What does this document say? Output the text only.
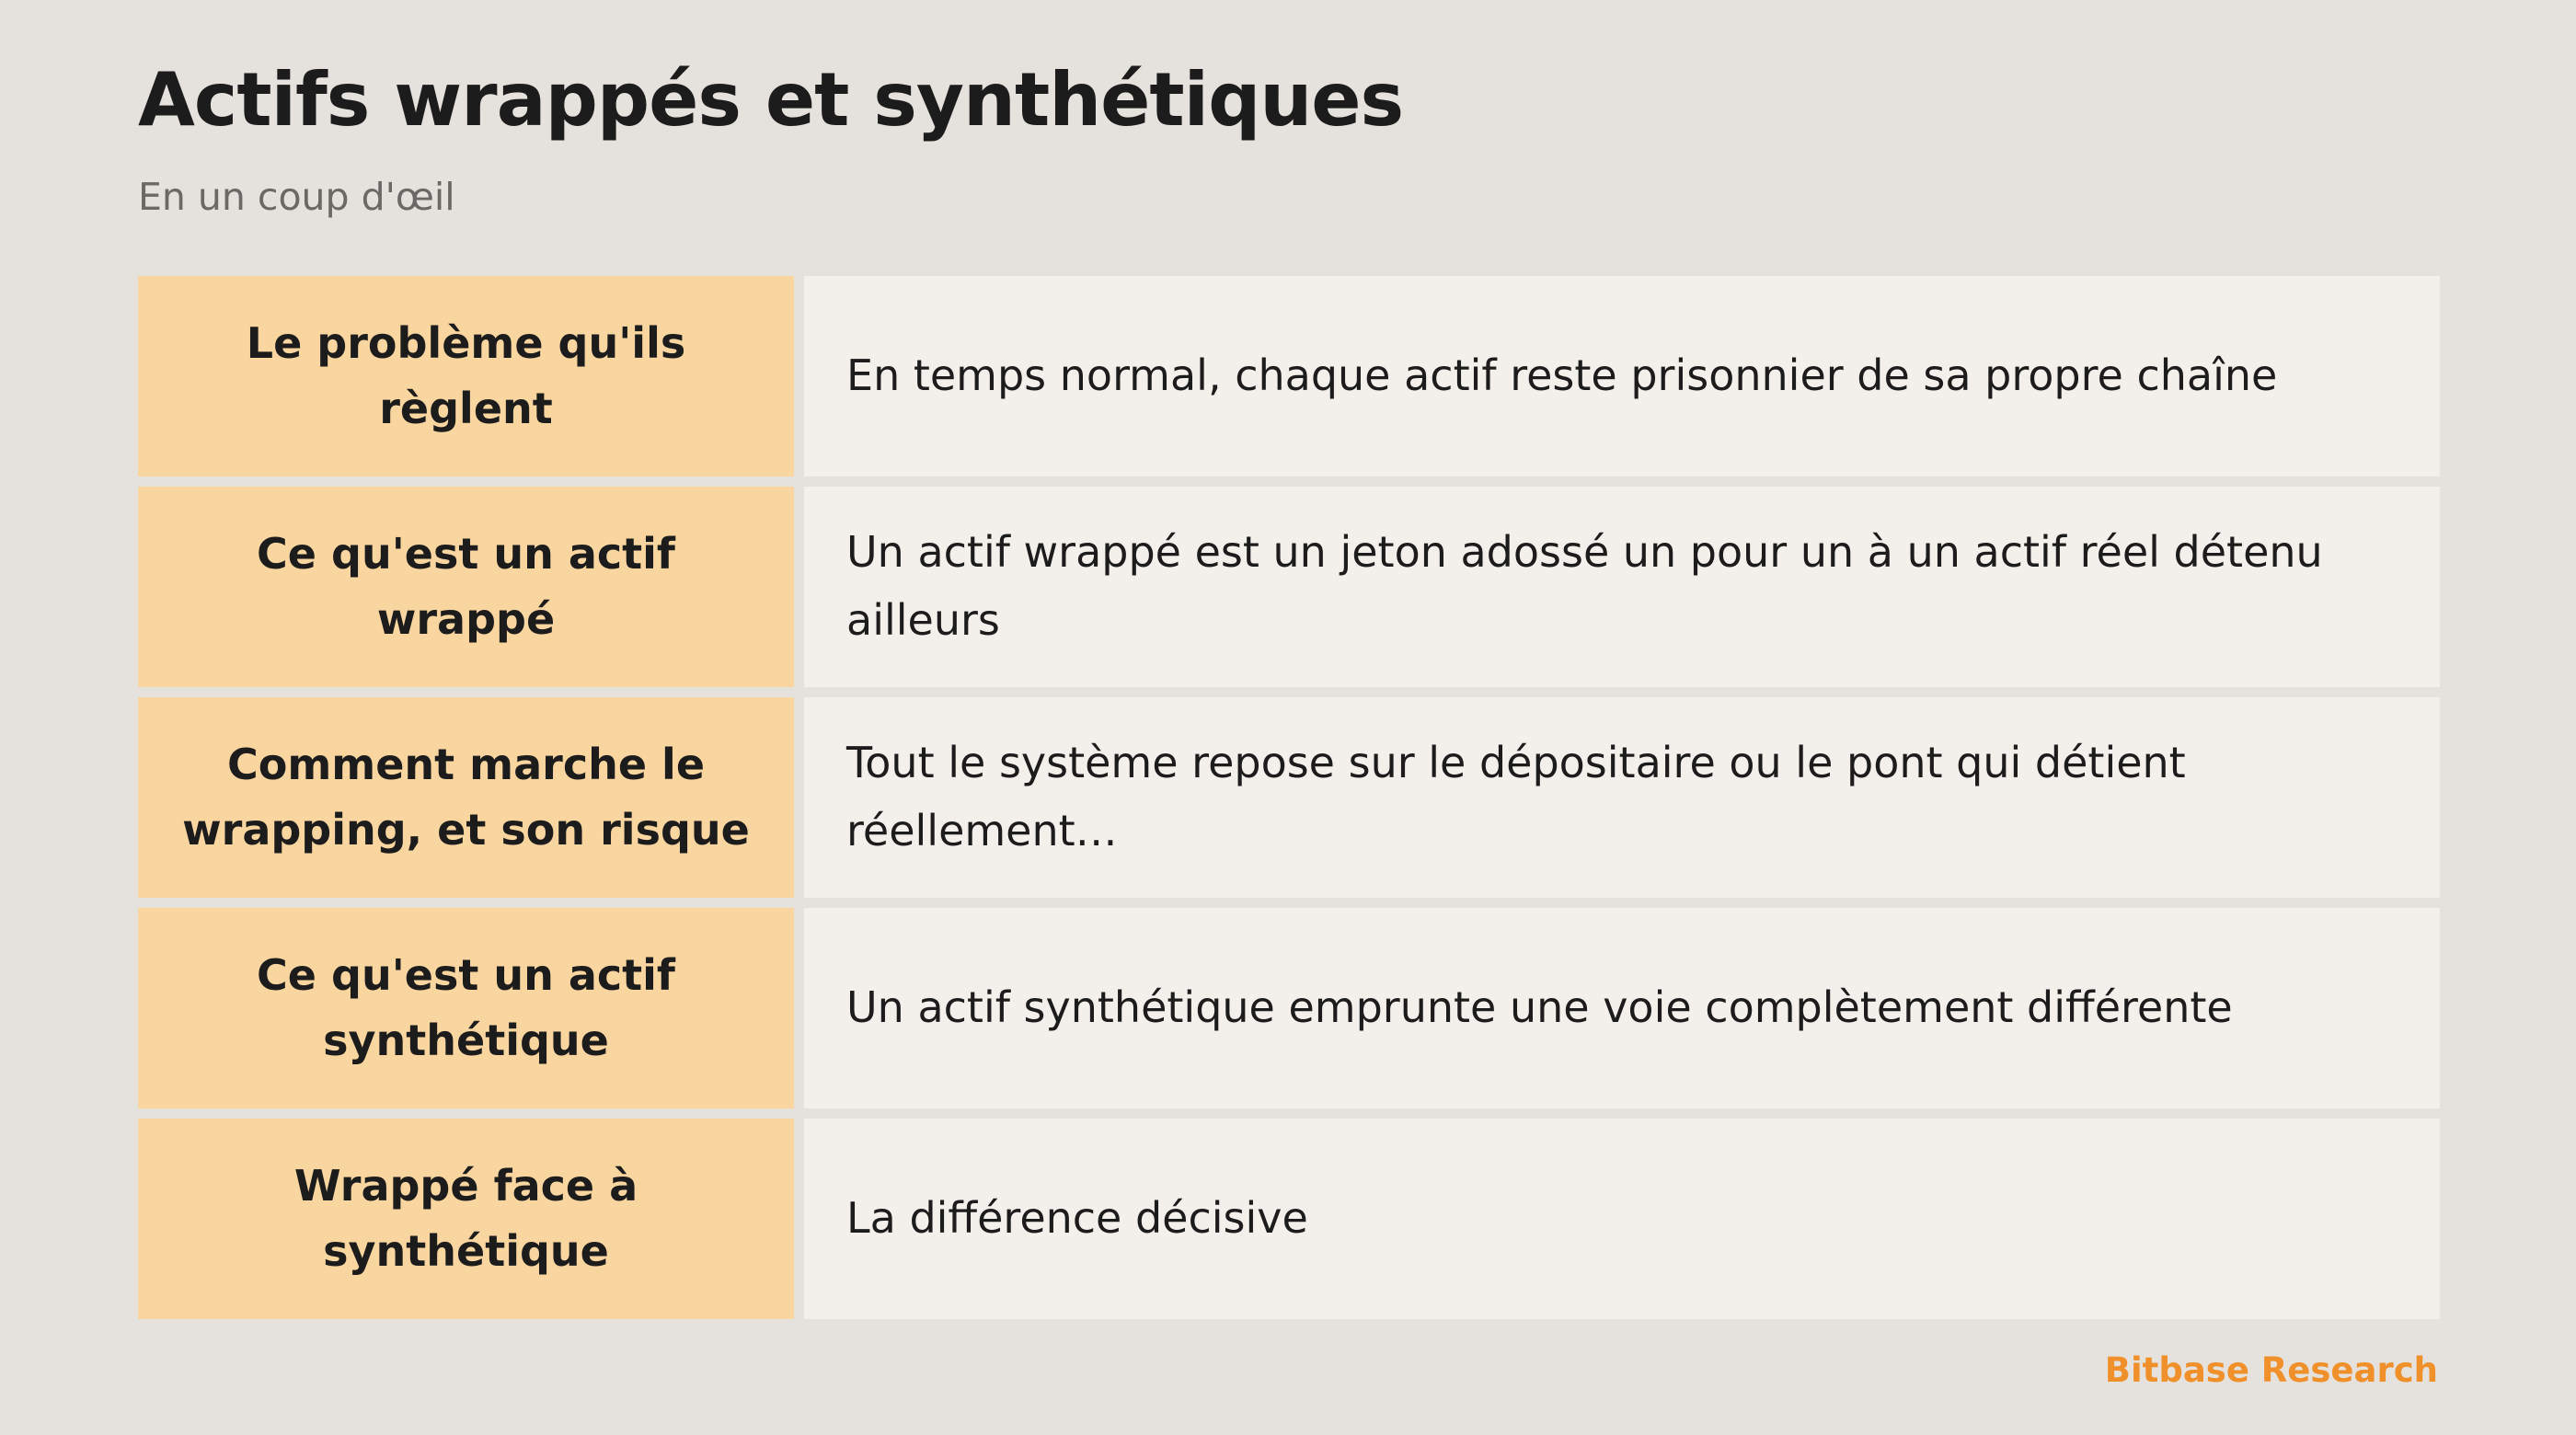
Actifs wrappés et synthétiques
En un coup d'œil
Le problème qu'ils règlent
En temps normal, chaque actif reste prisonnier de sa propre chaîne
Ce qu'est un actif wrappé
Un actif wrappé est un jeton adossé un pour un à un actif réel détenu ailleurs
Comment marche le wrapping, et son risque
Tout le système repose sur le dépositaire ou le pont qui détient réellement…
Ce qu'est un actif synthétique
Un actif synthétique emprunte une voie complètement différente
Wrappé face à synthétique
La différence décisive
Bitbase Research
